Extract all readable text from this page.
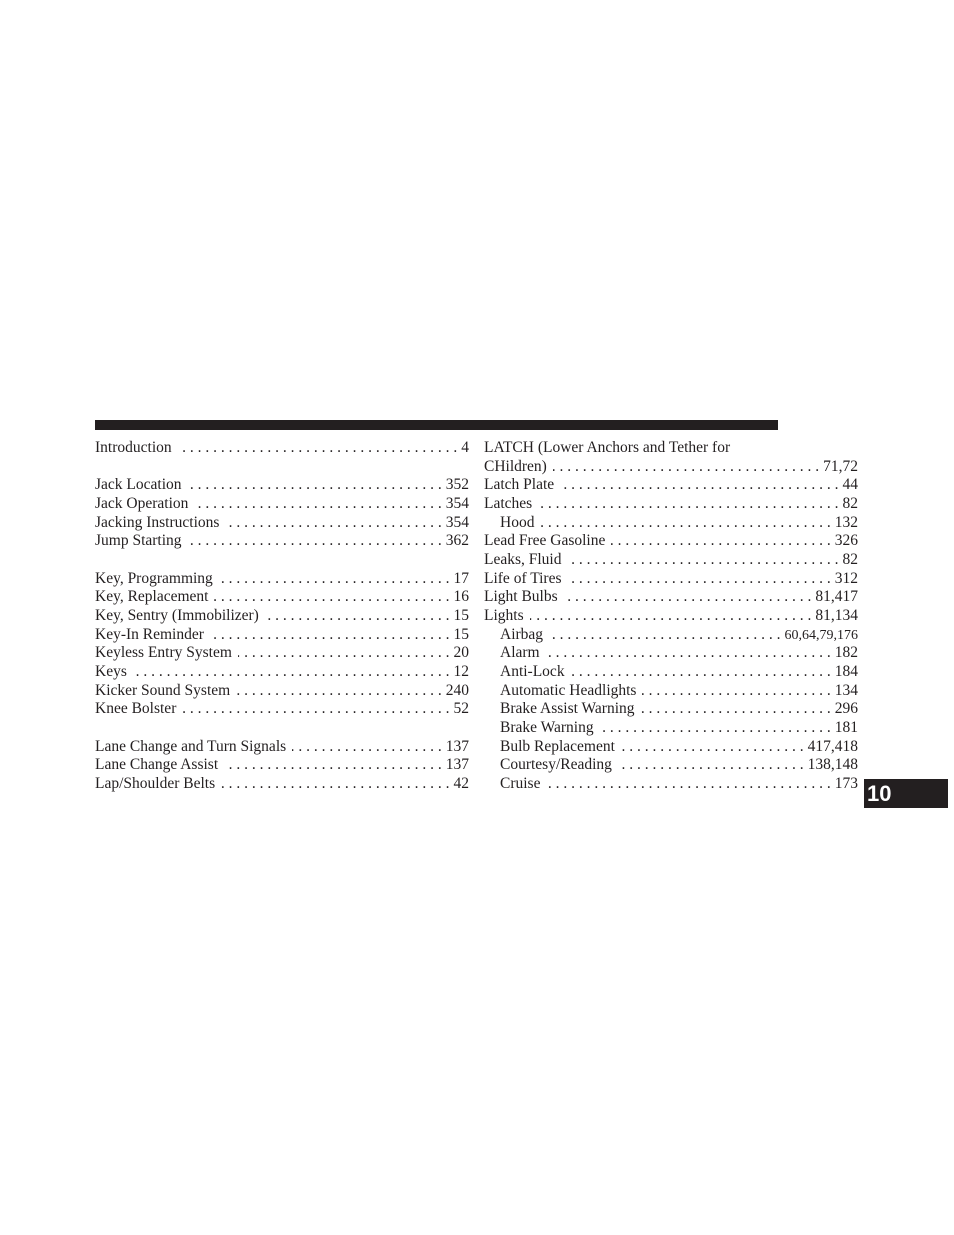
Introduction . . .	4
Jack Location . . .	352
Jack Operation . . .	354
Jacking Instructions . . .	354
Jump Starting . . .	362
Key, Programming . . .	17
Key, Replacement . . .	16
Key, Sentry (Immobilizer) . . .	15
Key-In Reminder . . .	15
Keyless Entry System . . .	20
Keys . . .	12
Kicker Sound System . . .	240
Knee Bolster . . .	52
Lane Change and Turn Signals . . .	137
Lane Change Assist . . .	137
Lap/Shoulder Belts . . .	42
LATCH (Lower Anchors and Tether for
CHildren) . . .	71,72
Latch Plate . . .	44
Latches . . .	82
Hood . . .	132
Lead Free Gasoline . . .	326
Leaks, Fluid . . .	82
Life of Tires . . .	312
Light Bulbs . . .	81,417
Lights . . .	81,134
Airbag . . .	60,64,79,176
Alarm . . .	182
Anti-Lock . . .	184
Automatic Headlights . . .	134
Brake Assist Warning . . .	296
Brake Warning . . .	181
Bulb Replacement . . .	417,418
Courtesy/Reading . . .	138,148
Cruise . . .	173 10
